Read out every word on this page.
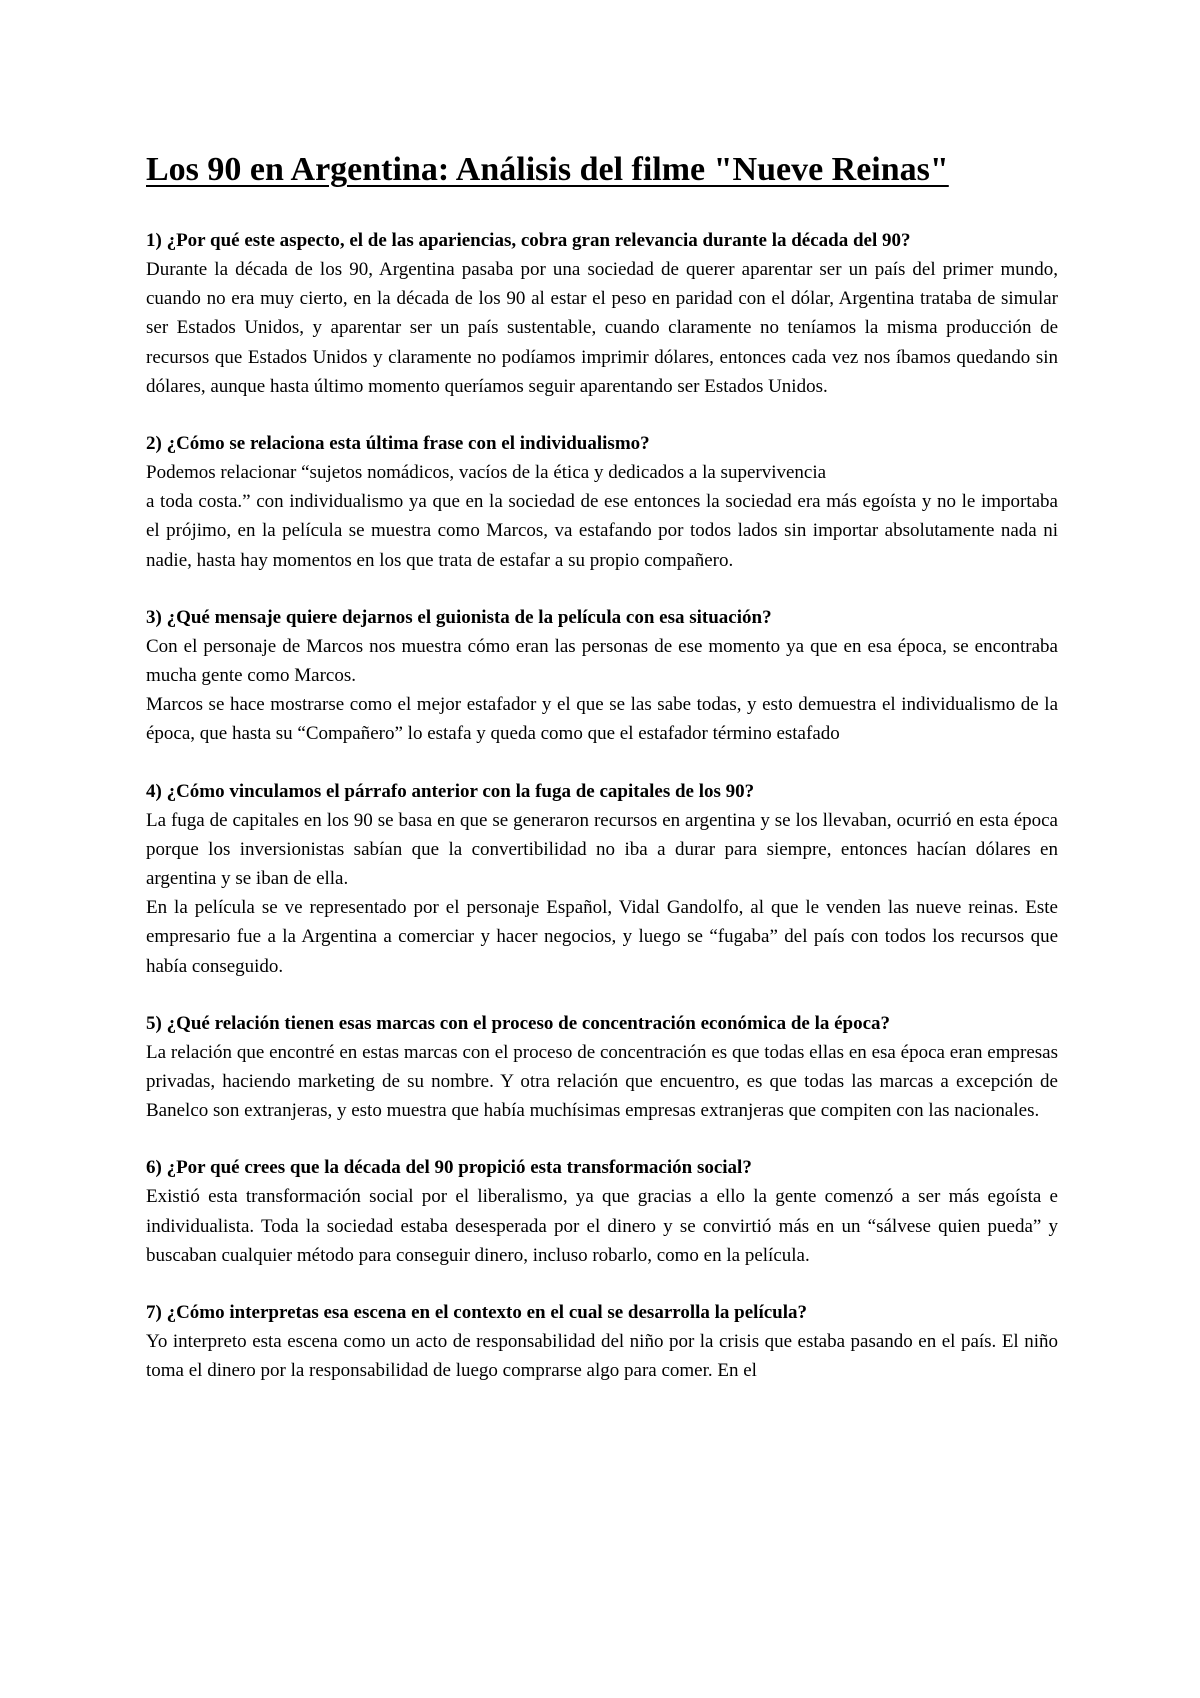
Los 90 en Argentina: Análisis del filme "Nueve Reinas"

1) ¿Por qué este aspecto, el de las apariencias, cobra gran relevancia durante la década del 90?

Durante la década de los 90, Argentina pasaba por una sociedad de querer aparentar ser un país del primer mundo, cuando no era muy cierto, en la década de los 90 al estar el peso en paridad con el dólar, Argentina trataba de simular ser Estados Unidos, y aparentar ser un país sustentable, cuando claramente no teníamos la misma producción de recursos que Estados Unidos y claramente no podíamos imprimir dólares, entonces cada vez nos íbamos quedando sin dólares, aunque hasta último momento queríamos seguir aparentando ser Estados Unidos.

2) ¿Cómo se relaciona esta última frase con el individualismo?

Podemos relacionar “sujetos nomádicos, vacíos de la ética y dedicados a la supervivencia

a toda costa.” con individualismo ya que en la sociedad de ese entonces la sociedad era más egoísta y no le importaba el prójimo, en la película se muestra como Marcos, va estafando por todos lados sin importar absolutamente nada ni nadie, hasta hay momentos en los que trata de estafar a su propio compañero.

3) ¿Qué mensaje quiere dejarnos el guionista de la película con esa situación?

Con el personaje de Marcos nos muestra cómo eran las personas de ese momento ya que en esa época, se encontraba mucha gente como Marcos.

Marcos se hace mostrarse como el mejor estafador y el que se las sabe todas, y esto demuestra el individualismo de la época, que hasta su “Compañero” lo estafa y queda como que el estafador término estafado

4) ¿Cómo vinculamos el párrafo anterior con la fuga de capitales de los 90?

La fuga de capitales en los 90 se basa en que se generaron recursos en argentina y se los llevaban, ocurrió en esta época porque los inversionistas sabían que la convertibilidad no iba a durar para siempre, entonces hacían dólares en argentina y se iban de ella.

En la película se ve representado por el personaje Español, Vidal Gandolfo, al que le venden las nueve reinas. Este empresario fue a la Argentina a comerciar y hacer negocios, y luego se “fugaba” del país con todos los recursos que había conseguido.

5) ¿Qué relación tienen esas marcas con el proceso de concentración económica de la época?

La relación que encontré en estas marcas con el proceso de concentración es que todas ellas en esa época eran empresas privadas, haciendo marketing de su nombre. Y otra relación que encuentro, es que todas las marcas a excepción de Banelco son extranjeras, y esto muestra que había muchísimas empresas extranjeras que compiten con las nacionales.

6) ¿Por qué crees que la década del 90 propició esta transformación social?

Existió esta transformación social por el liberalismo, ya que gracias a ello la gente comenzó a ser más egoísta e individualista. Toda la sociedad estaba desesperada por el dinero y se convirtió más en un “sálvese quien pueda” y buscaban cualquier método para conseguir dinero, incluso robarlo, como en la película.

7) ¿Cómo interpretas esa escena en el contexto en el cual se desarrolla la película?

Yo interpreto esta escena como un acto de responsabilidad del niño por la crisis que estaba pasando en el país. El niño toma el dinero por la responsabilidad de luego comprarse algo para comer. En el
